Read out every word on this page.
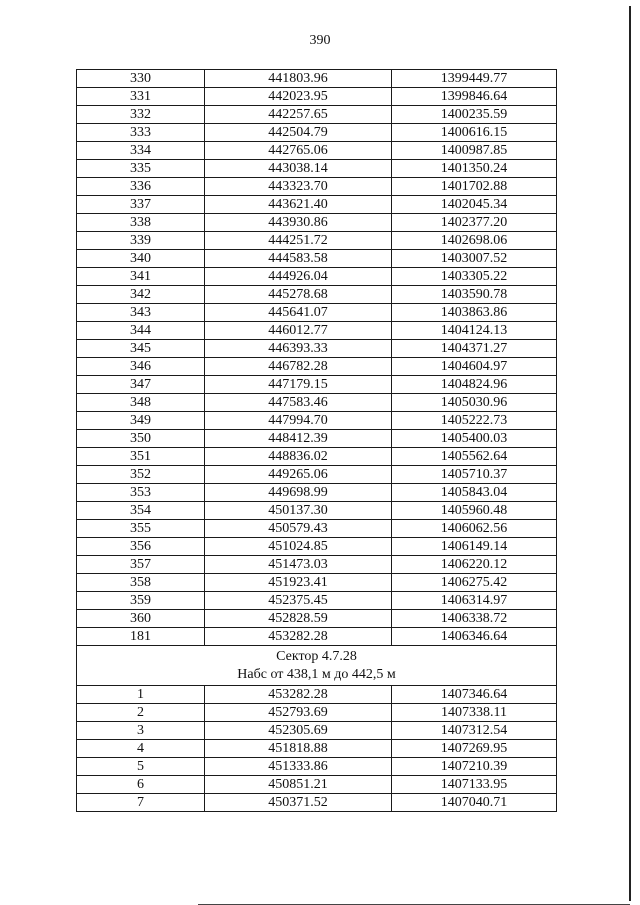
390
330	441803.96	1399449.77
331	442023.95	1399846.64
332	442257.65	1400235.59
333	442504.79	1400616.15
334	442765.06	1400987.85
335	443038.14	1401350.24
336	443323.70	1401702.88
337	443621.40	1402045.34
338	443930.86	1402377.20
339	444251.72	1402698.06
340	444583.58	1403007.52
341	444926.04	1403305.22
342	445278.68	1403590.78
343	445641.07	1403863.86
344	446012.77	1404124.13
345	446393.33	1404371.27
346	446782.28	1404604.97
347	447179.15	1404824.96
348	447583.46	1405030.96
349	447994.70	1405222.73
350	448412.39	1405400.03
351	448836.02	1405562.64
352	449265.06	1405710.37
353	449698.99	1405843.04
354	450137.30	1405960.48
355	450579.43	1406062.56
356	451024.85	1406149.14
357	451473.03	1406220.12
358	451923.41	1406275.42
359	452375.45	1406314.97
360	452828.59	1406338.72
181	453282.28	1406346.64

Сектор 4.7.28
Набс от 438,1 м до 442,5 м		

1	453282.28	1407346.64
2	452793.69	1407338.11
3	452305.69	1407312.54
4	451818.88	1407269.95
5	451333.86	1407210.39
6	450851.21	1407133.95
7	450371.52	1407040.71
